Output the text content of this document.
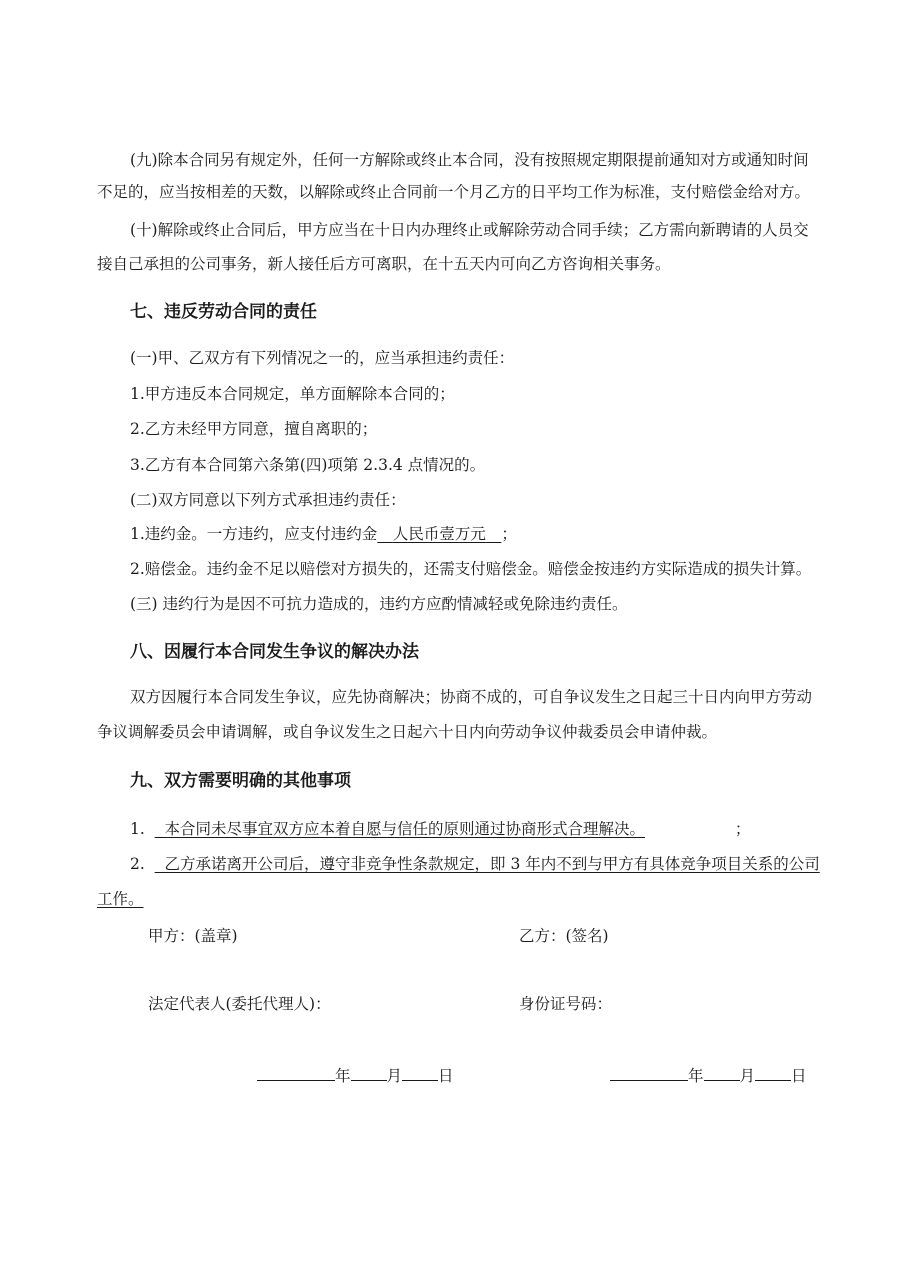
(九)除本合同另有规定外，任何一方解除或终止本合同，没有按照规定期限提前通知对方或通知时间
不足的，应当按相差的天数，以解除或终止合同前一个月乙方的日平均工作为标准，支付赔偿金给对方。
(十)解除或终止合同后，甲方应当在十日内办理终止或解除劳动合同手续；乙方需向新聘请的人员交
接自己承担的公司事务，新人接任后方可离职，在十五天内可向乙方咨询相关事务。
七、违反劳动合同的责任
(一)甲、乙双方有下列情况之一的，应当承担违约责任：
1.甲方违反本合同规定，单方面解除本合同的；
2.乙方未经甲方同意，擅自离职的；
3.乙方有本合同第六条第(四)项第 2.3.4 点情况的。
(二)双方同意以下列方式承担违约责任：
1.违约金。一方违约，应支付违约金　 人民币壹万元　 ；
2.赔偿金。违约金不足以赔偿对方损失的，还需支付赔偿金。赔偿金按违约方实际造成的损失计算。
(三) 违约行为是因不可抗力造成的，违约方应酌情减轻或免除违约责任。
八、因履行本合同发生争议的解决办法
双方因履行本合同发生争议，应先协商解决；协商不成的，可自争议发生之日起三十日内向甲方劳动
争议调解委员会申请调解，或自争议发生之日起六十日内向劳动争议仲裁委员会申请仲裁。
九、双方需要明确的其他事项
1. 本合同未尽事宜双方应本着自愿与信任的原则通过协商形式合理解决。	；
2. 乙方承诺离开公司后，遵守非竞争性条款规定，即 3 年内不到与甲方有具体竞争项目关系的公司
工作。
甲方：(盖章)	乙方：(签名)
法定代表人(委托代理人)：	身份证号码：
年 月 日	年 月 日
